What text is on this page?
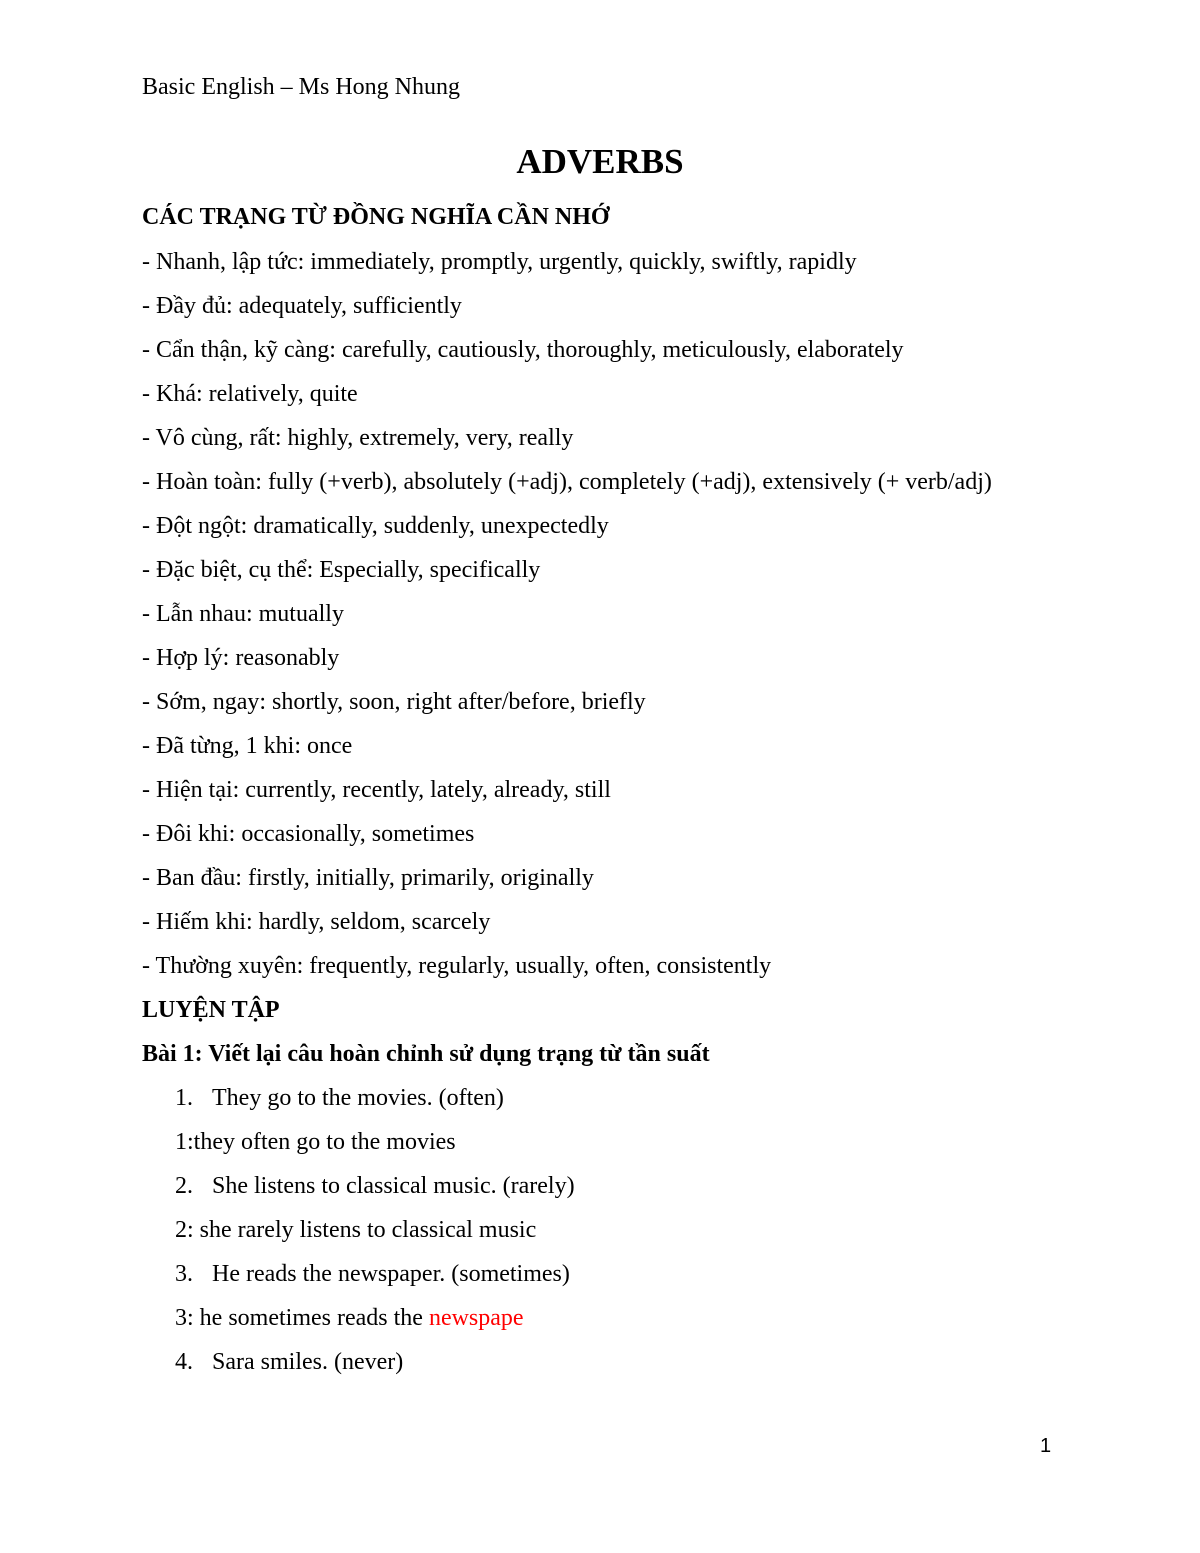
Basic English – Ms Hong Nhung
ADVERBS
CÁC TRẠNG TỪ ĐỒNG NGHĨA CẦN NHỚ
- Nhanh, lập tức: immediately, promptly, urgently, quickly, swiftly, rapidly
- Đầy đủ: adequately, sufficiently
- Cẩn thận, kỹ càng: carefully, cautiously, thoroughly, meticulously, elaborately
- Khá: relatively, quite
- Vô cùng, rất: highly, extremely, very, really
- Hoàn toàn: fully (+verb), absolutely (+adj), completely (+adj), extensively (+ verb/adj)
- Đột ngột: dramatically, suddenly, unexpectedly
- Đặc biệt, cụ thể: Especially, specifically
- Lẫn nhau: mutually
- Hợp lý: reasonably
- Sớm, ngay: shortly, soon, right after/before, briefly
- Đã từng, 1 khi: once
- Hiện tại: currently, recently, lately, already, still
- Đôi khi: occasionally, sometimes
- Ban đầu: firstly, initially, primarily, originally
- Hiếm khi: hardly, seldom, scarcely
- Thường xuyên: frequently, regularly, usually, often, consistently
LUYỆN TẬP
Bài 1: Viết lại câu hoàn chỉnh sử dụng trạng từ tần suất
1. They go to the movies. (often)
1:they often go to the movies
2. She listens to classical music. (rarely)
2: she rarely listens to classical music
3. He reads the newspaper. (sometimes)
3: he sometimes reads the newspape
4. Sara smiles. (never)
1
